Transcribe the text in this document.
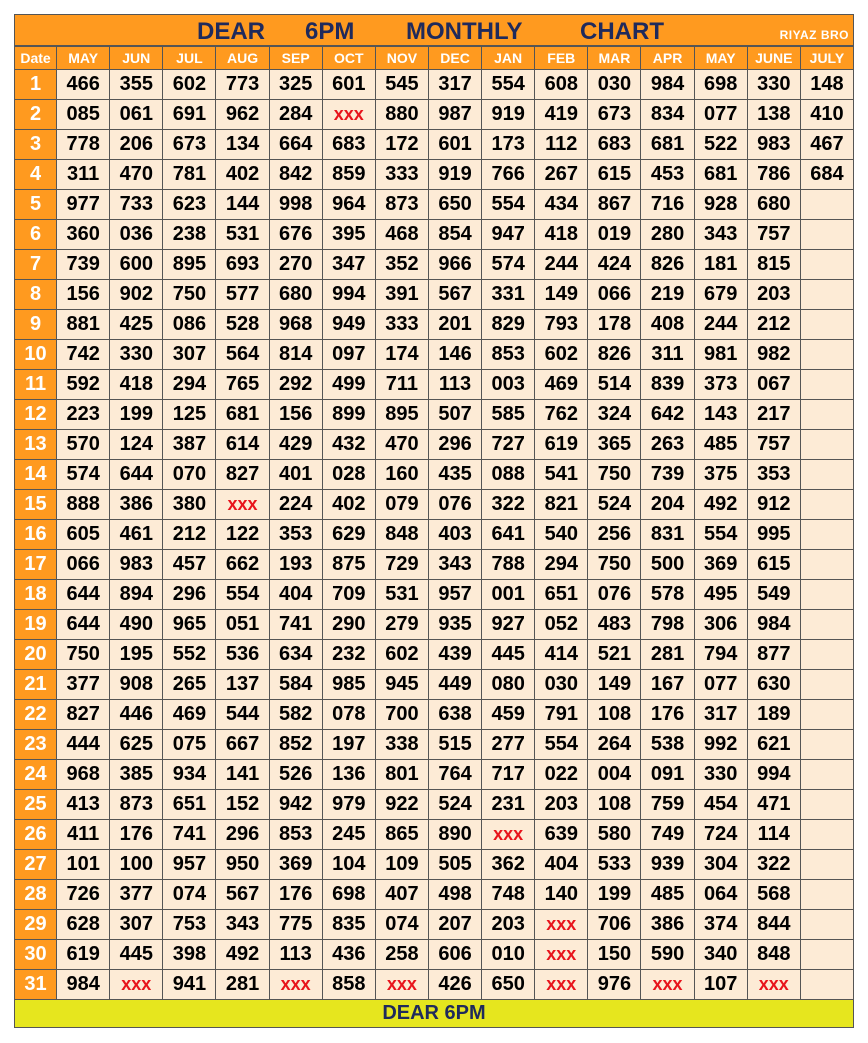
DEAR 6PM MONTHLY CHART	RIYAZ BRO
Date	MAY	JUN	JUL	AUG	SEP	OCT	NOV	DEC	JAN	FEB	MAR	APR	MAY	JUNE	JULY
1	466	355	602	773	325	601	545	317	554	608	030	984	698	330	148
2	085	061	691	962	284	xxx	880	987	919	419	673	834	077	138	410
3	778	206	673	134	664	683	172	601	173	112	683	681	522	983	467
4	311	470	781	402	842	859	333	919	766	267	615	453	681	786	684
5	977	733	623	144	998	964	873	650	554	434	867	716	928	680	
6	360	036	238	531	676	395	468	854	947	418	019	280	343	757	
7	739	600	895	693	270	347	352	966	574	244	424	826	181	815	
8	156	902	750	577	680	994	391	567	331	149	066	219	679	203	
9	881	425	086	528	968	949	333	201	829	793	178	408	244	212	
10	742	330	307	564	814	097	174	146	853	602	826	311	981	982	
11	592	418	294	765	292	499	711	113	003	469	514	839	373	067	
12	223	199	125	681	156	899	895	507	585	762	324	642	143	217	
13	570	124	387	614	429	432	470	296	727	619	365	263	485	757	
14	574	644	070	827	401	028	160	435	088	541	750	739	375	353	
15	888	386	380	xxx	224	402	079	076	322	821	524	204	492	912	
16	605	461	212	122	353	629	848	403	641	540	256	831	554	995	
17	066	983	457	662	193	875	729	343	788	294	750	500	369	615	
18	644	894	296	554	404	709	531	957	001	651	076	578	495	549	
19	644	490	965	051	741	290	279	935	927	052	483	798	306	984	
20	750	195	552	536	634	232	602	439	445	414	521	281	794	877	
21	377	908	265	137	584	985	945	449	080	030	149	167	077	630	
22	827	446	469	544	582	078	700	638	459	791	108	176	317	189	
23	444	625	075	667	852	197	338	515	277	554	264	538	992	621	
24	968	385	934	141	526	136	801	764	717	022	004	091	330	994	
25	413	873	651	152	942	979	922	524	231	203	108	759	454	471	
26	411	176	741	296	853	245	865	890	xxx	639	580	749	724	114	
27	101	100	957	950	369	104	109	505	362	404	533	939	304	322	
28	726	377	074	567	176	698	407	498	748	140	199	485	064	568	
29	628	307	753	343	775	835	074	207	203	xxx	706	386	374	844	
30	619	445	398	492	113	436	258	606	010	xxx	150	590	340	848	
31	984	xxx	941	281	xxx	858	xxx	426	650	xxx	976	xxx	107	xxx	
DEAR 6PM
